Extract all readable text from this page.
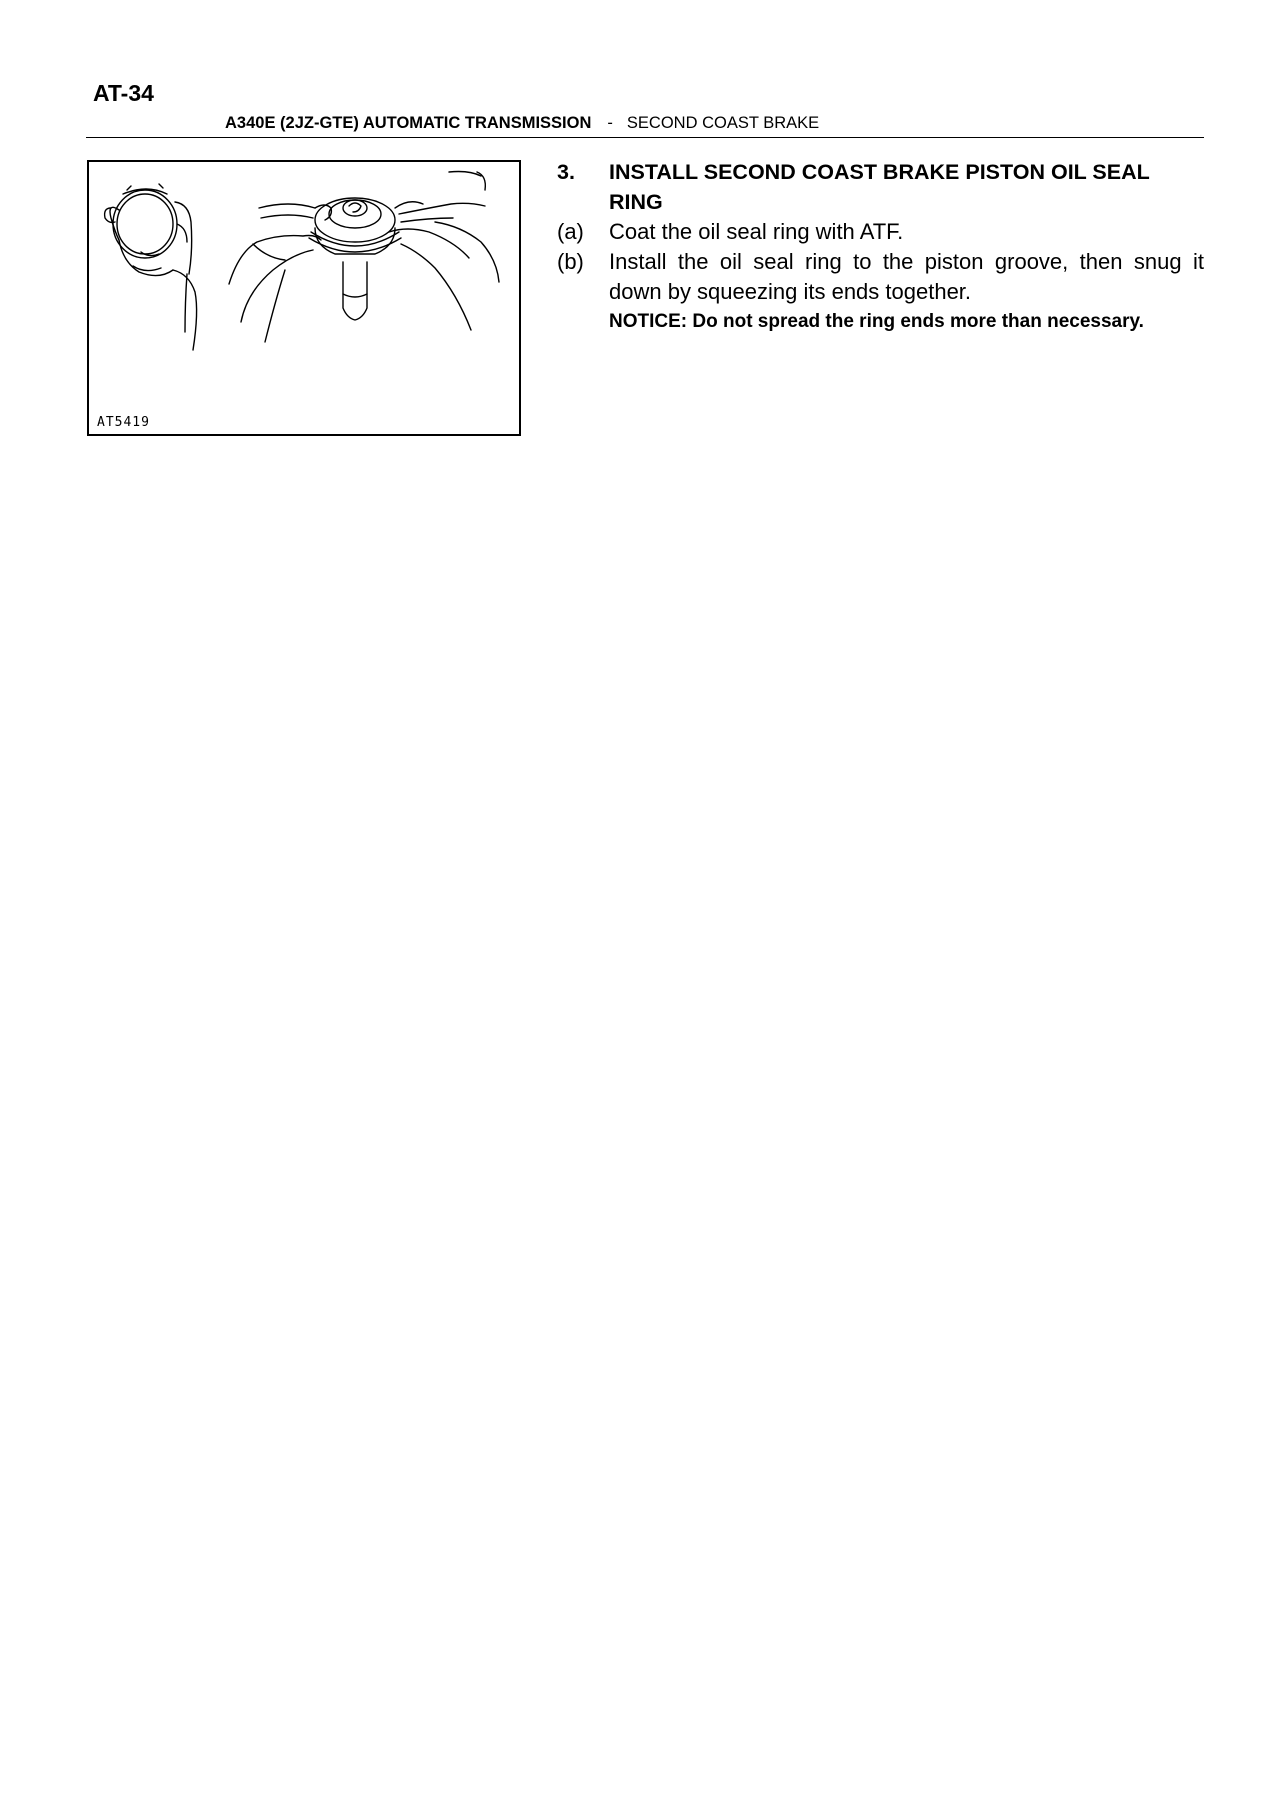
AT-34
A340E (2JZ-GTE) AUTOMATIC TRANSMISSION - SECOND COAST BRAKE
AT5419
3.	INSTALL SECOND COAST BRAKE PISTON OIL SEAL RING
(a)	Coat the oil seal ring with ATF.
(b)	Install the oil seal ring to the piston groove, then snug it down by squeezing its ends together.
NOTICE: Do not spread the ring ends more than necessary.
